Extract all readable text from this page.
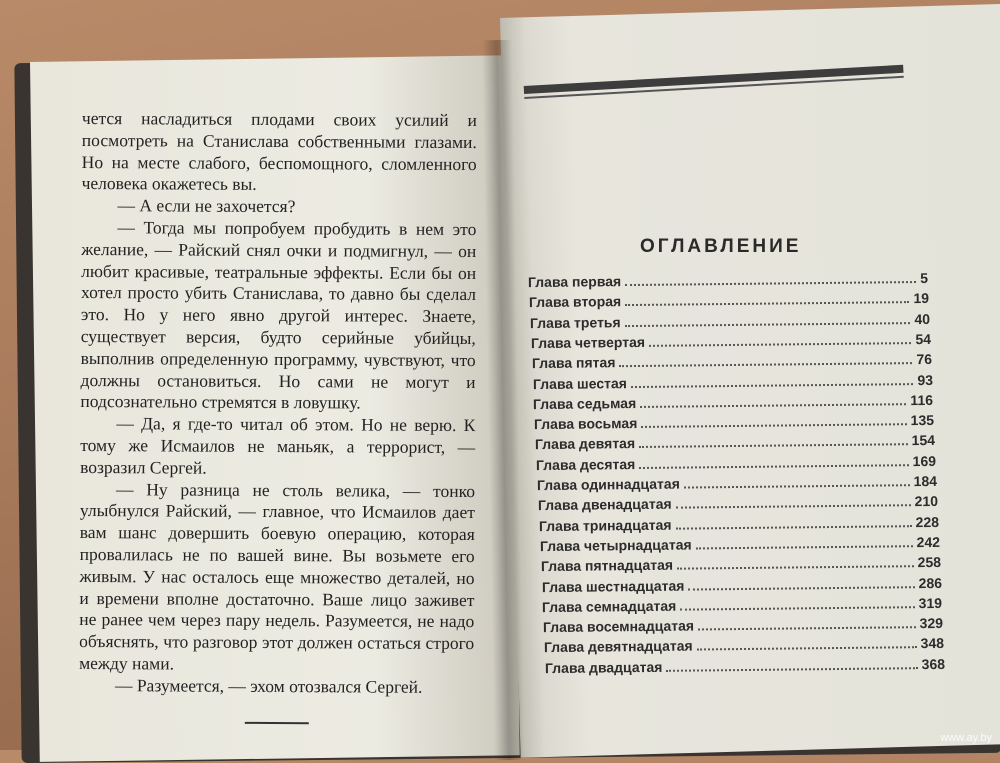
чется насладиться плодами своих усилий и посмотреть на Станислава собственными глазами. Но на месте слабого, беспомощного, сломленного человека окажетесь вы.

— А если не захочется?

— Тогда мы попробуем пробудить в нем это желание, — Райский снял очки и подмигнул, — он любит красивые, театральные эффекты. Если бы он хотел просто убить Станислава, то давно бы сделал это. Но у него явно другой интерес. Знаете, существует версия, будто серийные убийцы, выполнив определенную программу, чувствуют, что должны остановиться. Но сами не могут и подсознательно стремятся в ловушку.

— Да, я где-то читал об этом. Но не верю. К тому же Исмаилов не маньяк, а террорист, — возразил Сергей.

— Ну разница не столь велика, — тонко улыбнулся Райский, — главное, что Исмаилов дает вам шанс довершить боевую операцию, которая провалилась не по вашей вине. Вы возьмете его живым. У нас осталось еще множество деталей, но и времени вполне достаточно. Ваше лицо заживет не ранее чем через пару недель. Разумеется, не надо объяснять, что разговор этот должен остаться строго между нами.

— Разумеется, — эхом отозвался Сергей.

ОГЛАВЛЕНИЕ
Глава первая	5
Глава вторая	19
Глава третья	40
Глава четвертая	54
Глава пятая	76
Глава шестая	93
Глава седьмая	116
Глава восьмая	135
Глава девятая	154
Глава десятая	169
Глава одиннадцатая	184
Глава двенадцатая	210
Глава тринадцатая	228
Глава четырнадцатая	242
Глава пятнадцатая	258
Глава шестнадцатая	286
Глава семнадцатая	319
Глава восемнадцатая	329
Глава девятнадцатая	348
Глава двадцатая	368
www.ay.by
